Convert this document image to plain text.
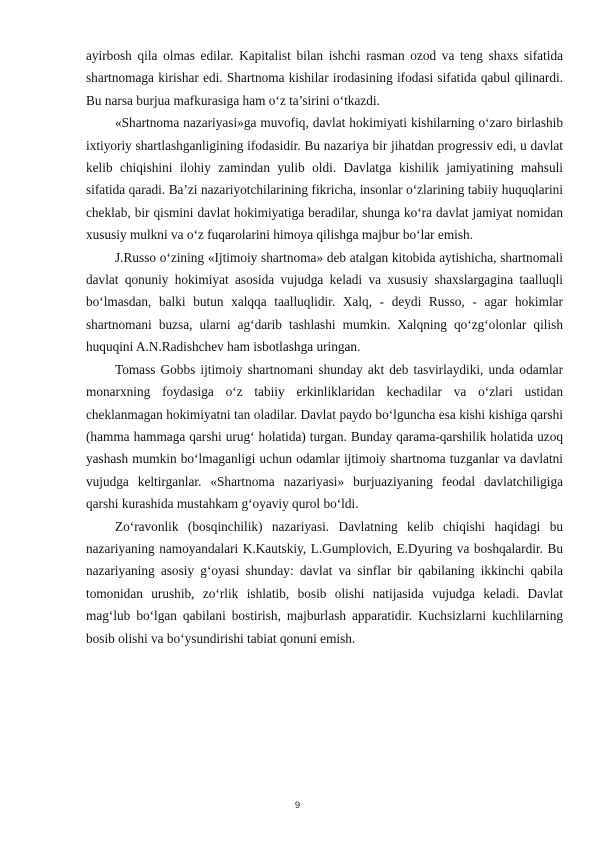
ayirbosh qila olmas edilar. Kapitalist bilan ishchi rasman ozod va teng shaxs sifatida shartnomaga kirishar edi. Shartnoma kishilar irodasining ifodasi sifatida qabul qilinardi. Bu narsa burjua mafkurasiga ham o‘z ta’sirini o‘tkazdi.

«Shartnoma nazariyasi»ga muvofiq, davlat hokimiyati kishilarning o‘zaro birlashib ixtiyoriy shartlashganligining ifodasidir. Bu nazariya bir jihatdan progressiv edi, u davlat kelib chiqishini ilohiy zamindan yulib oldi. Davlatga kishilik jamiyatining mahsuli sifatida qaradi. Ba’zi nazariyotchilarining fikricha, insonlar o‘zlarining tabiiy huquqlarini cheklab, bir qismini davlat hokimiyatiga beradilar, shunga ko‘ra davlat jamiyat nomidan xususiy mulkni va o‘z fuqarolarini himoya qilishga majbur bo‘lar emish.

J.Russo o‘zining «Ijtimoiy shartnoma» deb atalgan kitobida aytishicha, shartnomali davlat qonuniy hokimiyat asosida vujudga keladi va xususiy shaxslargagina taalluqli bo‘lmasdan, balki butun xalqqa taalluqlidir. Xalq, - deydi Russo, - agar hokimlar shartnomani buzsa, ularni ag‘darib tashlashi mumkin. Xalqning qo‘zg‘olonlar qilish huquqini A.N.Radishchev ham isbotlashga uringan.

Tomass Gobbs ijtimoiy shartnomani shunday akt deb tasvirlaydiki, unda odamlar monarxning foydasiga o‘z tabiiy erkinliklaridan kechadilar va o‘zlari ustidan cheklanmagan hokimiyatni tan oladilar. Davlat paydo bo‘lguncha esa kishi kishiga qarshi (hamma hammaga qarshi urug‘ holatida) turgan. Bunday qarama-qarshilik holatida uzoq yashash mumkin bo‘lmaganligi uchun odamlar ijtimoiy shartnoma tuzganlar va davlatni vujudga keltirganlar. «Shartnoma nazariyasi» burjuaziyaning feodal davlatchiligiga qarshi kurashida mustahkam g‘oyaviy qurol bo‘ldi.

Zo‘ravonlik (bosqinchilik) nazariyasi. Davlatning kelib chiqishi haqidagi bu nazariyaning namoyandalari K.Kautskiy, L.Gumplovich, E.Dyuring va boshqalardir. Bu nazariyaning asosiy g‘oyasi shunday: davlat va sinflar bir qabilaning ikkinchi qabila tomonidan urushib, zo‘rlik ishlatib, bosib olishi natijasida vujudga keladi. Davlat mag‘lub bo‘lgan qabilani bostirish, majburlash apparatidir. Kuchsizlarni kuchlilarning bosib olishi va bo‘ysundirishi tabiat qonuni emish.

9
